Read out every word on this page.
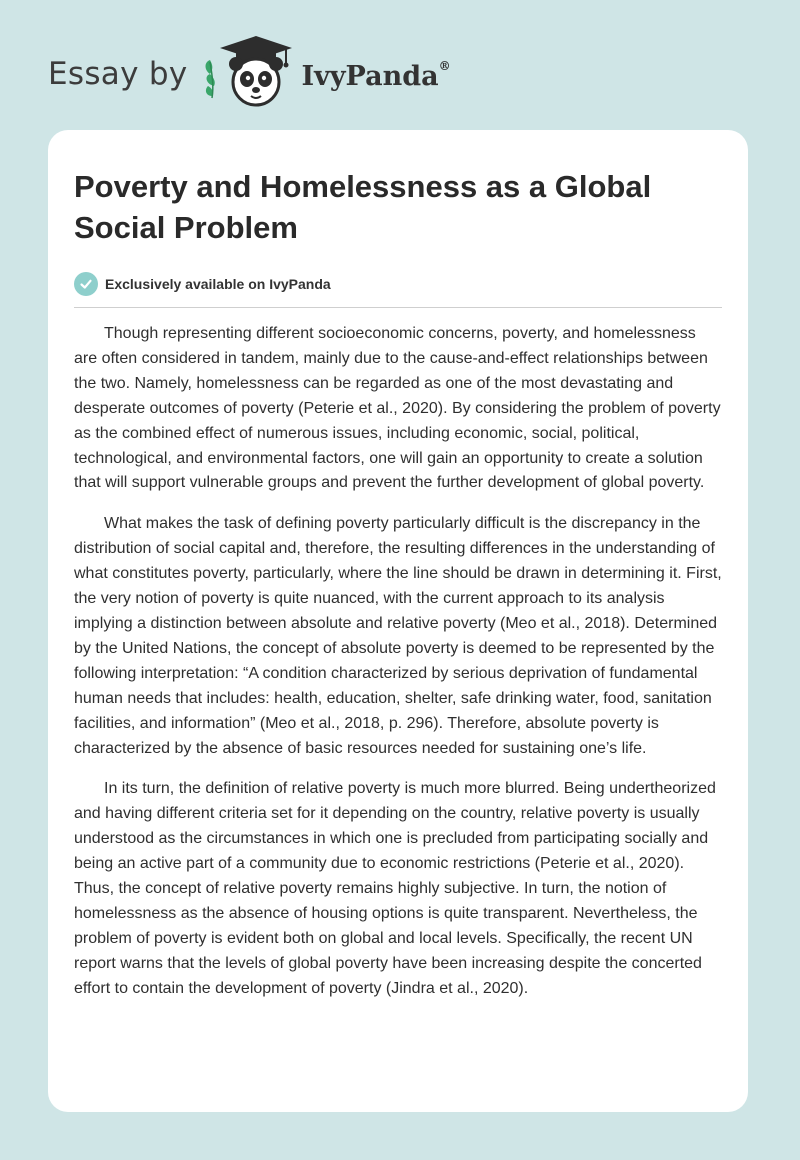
Essay by	IvyPanda®
Poverty and Homelessness as a Global Social Problem
Exclusively available on IvyPanda

Though representing different socioeconomic concerns, poverty, and homelessness are often considered in tandem, mainly due to the cause-and-effect relationships between the two. Namely, homelessness can be regarded as one of the most devastating and desperate outcomes of poverty (Peterie et al., 2020). By considering the problem of poverty as the combined effect of numerous issues, including economic, social, political, technological, and environmental factors, one will gain an opportunity to create a solution that will support vulnerable groups and prevent the further development of global poverty.

What makes the task of defining poverty particularly difficult is the discrepancy in the distribution of social capital and, therefore, the resulting differences in the understanding of what constitutes poverty, particularly, where the line should be drawn in determining it. First, the very notion of poverty is quite nuanced, with the current approach to its analysis implying a distinction between absolute and relative poverty (Meo et al., 2018). Determined by the United Nations, the concept of absolute poverty is deemed to be represented by the following interpretation: “A condition characterized by serious deprivation of fundamental human needs that includes: health, education, shelter, safe drinking water, food, sanitation facilities, and information” (Meo et al., 2018, p. 296). Therefore, absolute poverty is characterized by the absence of basic resources needed for sustaining one’s life.

In its turn, the definition of relative poverty is much more blurred. Being undertheorized and having different criteria set for it depending on the country, relative poverty is usually understood as the circumstances in which one is precluded from participating socially and being an active part of a community due to economic restrictions (Peterie et al., 2020). Thus, the concept of relative poverty remains highly subjective. In turn, the notion of homelessness as the absence of housing options is quite transparent. Nevertheless, the problem of poverty is evident both on global and local levels. Specifically, the recent UN report warns that the levels of global poverty have been increasing despite the concerted effort to contain the development of poverty (Jindra et al., 2020).
